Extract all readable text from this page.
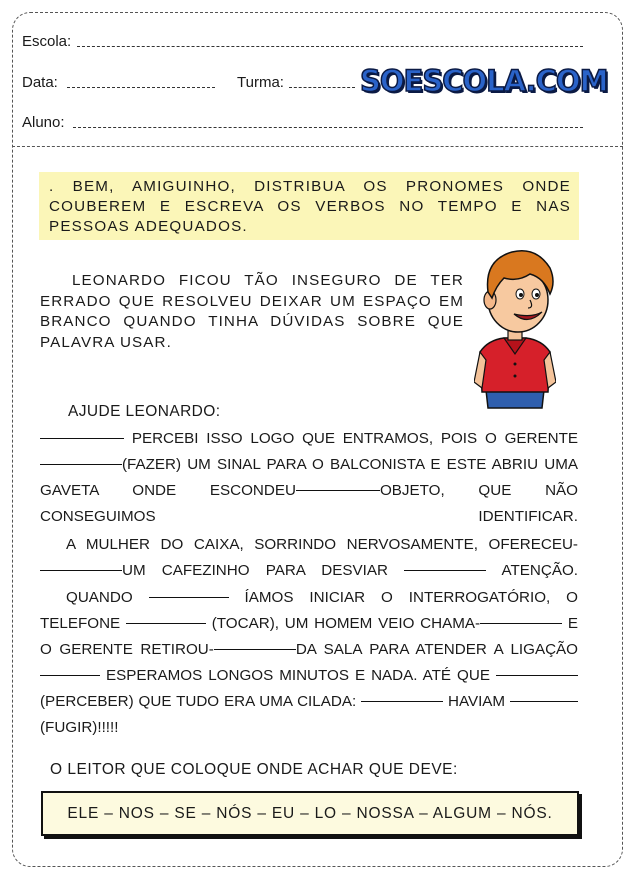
Escola:
Data:	Turma:	SOESCOLA.COM
Aluno:
. BEM, AMIGUINHO, DISTRIBUA OS PRONOMES ONDE COUBEREM E ESCREVA OS VERBOS NO TEMPO E NAS PESSOAS ADEQUADOS.
LEONARDO FICOU TÃO INSEGURO DE TER ERRADO QUE RESOLVEU DEIXAR UM ESPAÇO EM BRANCO QUANDO TINHA DÚVIDAS SOBRE QUE PALAVRA USAR.
AJUDE LEONARDO:
PERCEBI ISSO LOGO QUE ENTRAMOS, POIS O GERENTE(FAZER) UM SINAL PARA O BALCONISTA E ESTE ABRIU UMA GAVETA ONDE ESCONDEU	OBJETO, QUE NÃO CONSEGUIMOS IDENTIFICAR.
A MULHER DO CAIXA, SORRINDO NERVOSAMENTE, OFERECEU- UM CAFEZINHO PARA DESVIAR	ATENÇÃO.
QUANDO	ÍAMOS INICIAR O INTERROGATÓRIO, O TELEFONE	(TOCAR), UM HOMEM VEIO CHAMA-	E O GERENTE RETIROU-	DA SALA PARA ATENDER A LIGAÇÃO  ESPERAMOS LONGOS MINUTOS E NADA. ATÉ QUE  (PERCEBER) QUE TUDO ERA UMA CILADA:	HAVIAM  (FUGIR)!!!!!
O LEITOR QUE COLOQUE ONDE ACHAR QUE DEVE:
ELE – NOS – SE – NÓS – EU – LO – NOSSA – ALGUM – NÓS.
